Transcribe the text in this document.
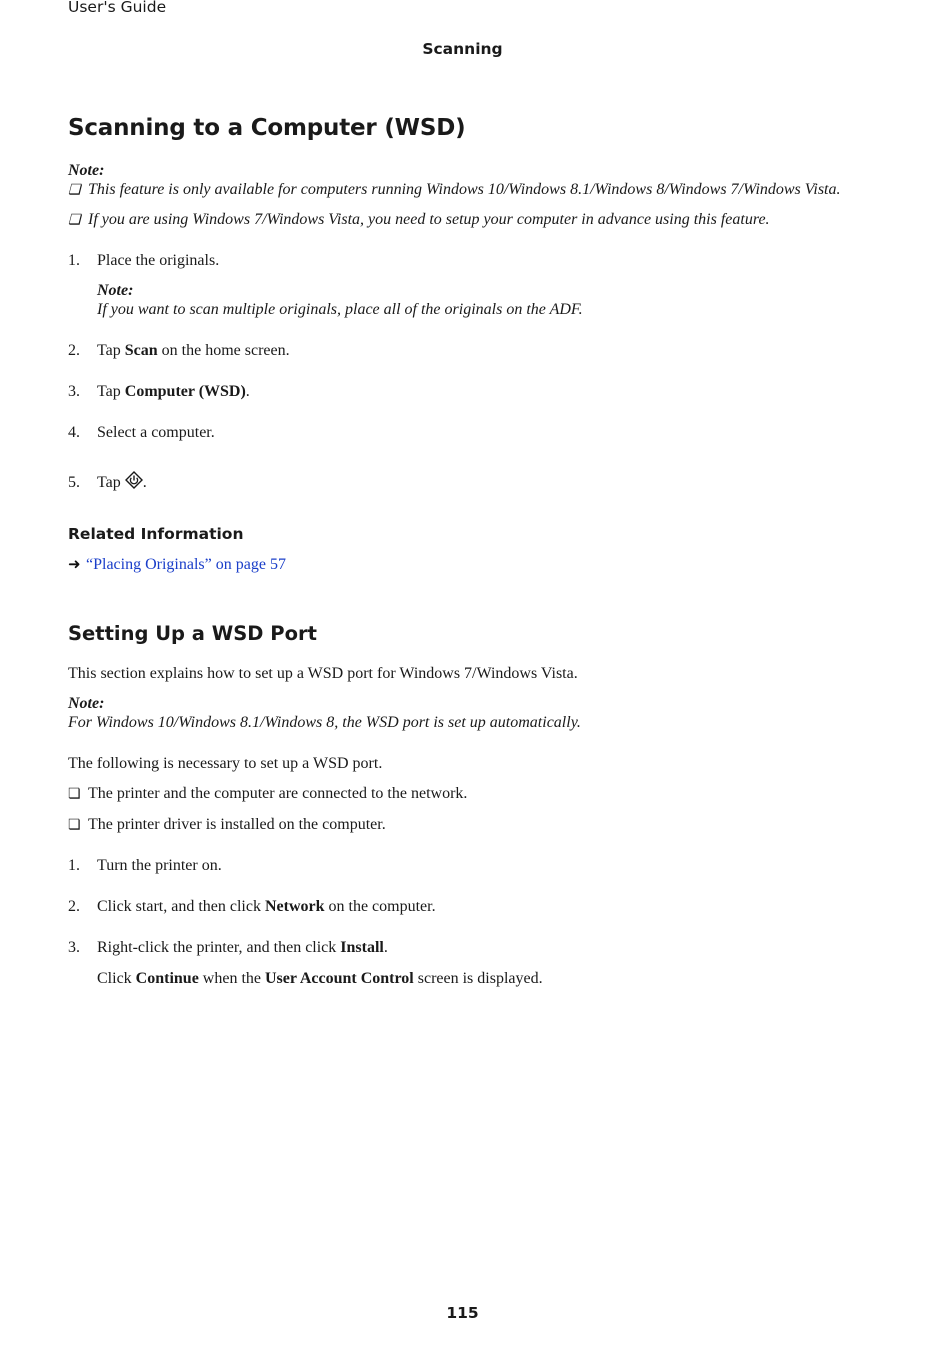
User's Guide
Scanning
Scanning to a Computer (WSD)
Note:
❏ This feature is only available for computers running Windows 10/Windows 8.1/Windows 8/Windows 7/Windows Vista.
❏ If you are using Windows 7/Windows Vista, you need to setup your computer in advance using this feature.
1. Place the originals.
Note:
If you want to scan multiple originals, place all of the originals on the ADF.
2. Tap Scan on the home screen.
3. Tap Computer (WSD).
4. Select a computer.
5. Tap .
Related Information
➜ “Placing Originals” on page 57
Setting Up a WSD Port
This section explains how to set up a WSD port for Windows 7/Windows Vista.
Note:
For Windows 10/Windows 8.1/Windows 8, the WSD port is set up automatically.
The following is necessary to set up a WSD port.
❏ The printer and the computer are connected to the network.
❏ The printer driver is installed on the computer.
1. Turn the printer on.
2. Click start, and then click Network on the computer.
3. Right-click the printer, and then click Install.
Click Continue when the User Account Control screen is displayed.
115
